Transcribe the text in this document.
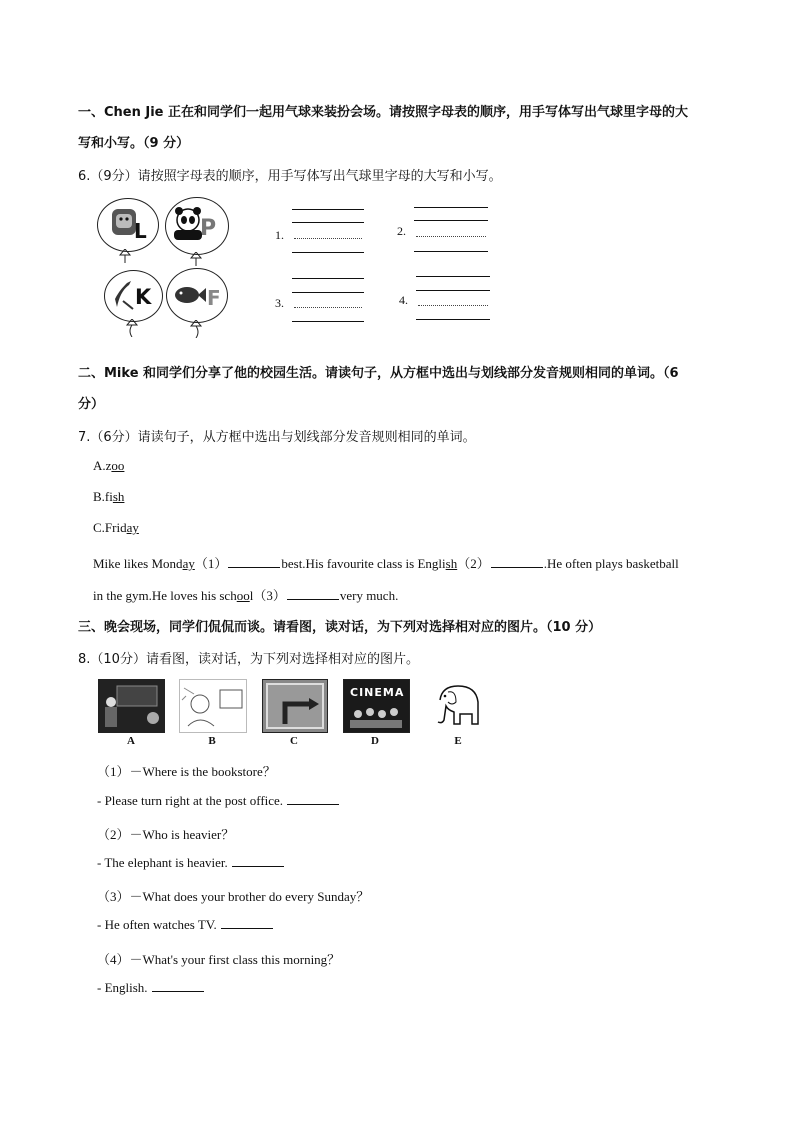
一、Chen Jie 正在和同学们一起用气球来装扮会场。请按照字母表的顺序，用手写体写出气球里字母的大
写和小写。（9 分）
6.（9分）请按照字母表的顺序，用手写体写出气球里字母的大写和小写。
L P
K	F
1.	2.
3.	4.
二、Mike 和同学们分享了他的校园生活。请读句子，从方框中选出与划线部分发音规则相同的单词。（6
分）
7.（6分）请读句子，从方框中选出与划线部分发音规则相同的单词。
A.zoo
B.fish
C.Friday
Mike likes Monday（1）	best.His favourite class is English（2）	.He often plays basketball
in the gym.He loves his school（3）	very much.
三、晚会现场，同学们侃侃而谈。请看图，读对话，为下列对选择相对应的图片。（10 分）
8.（10分）请看图，读对话，为下列对选择相对应的图片。
A	B	C
CINEMA
D	E
（1）－Where is the bookstore？
- Please turn right at the post office.
（2）－Who is heavier？
- The elephant is heavier.
（3）－What does your brother do every Sunday？
- He often watches TV.
（4）－What's your first class this morning？
- English.
